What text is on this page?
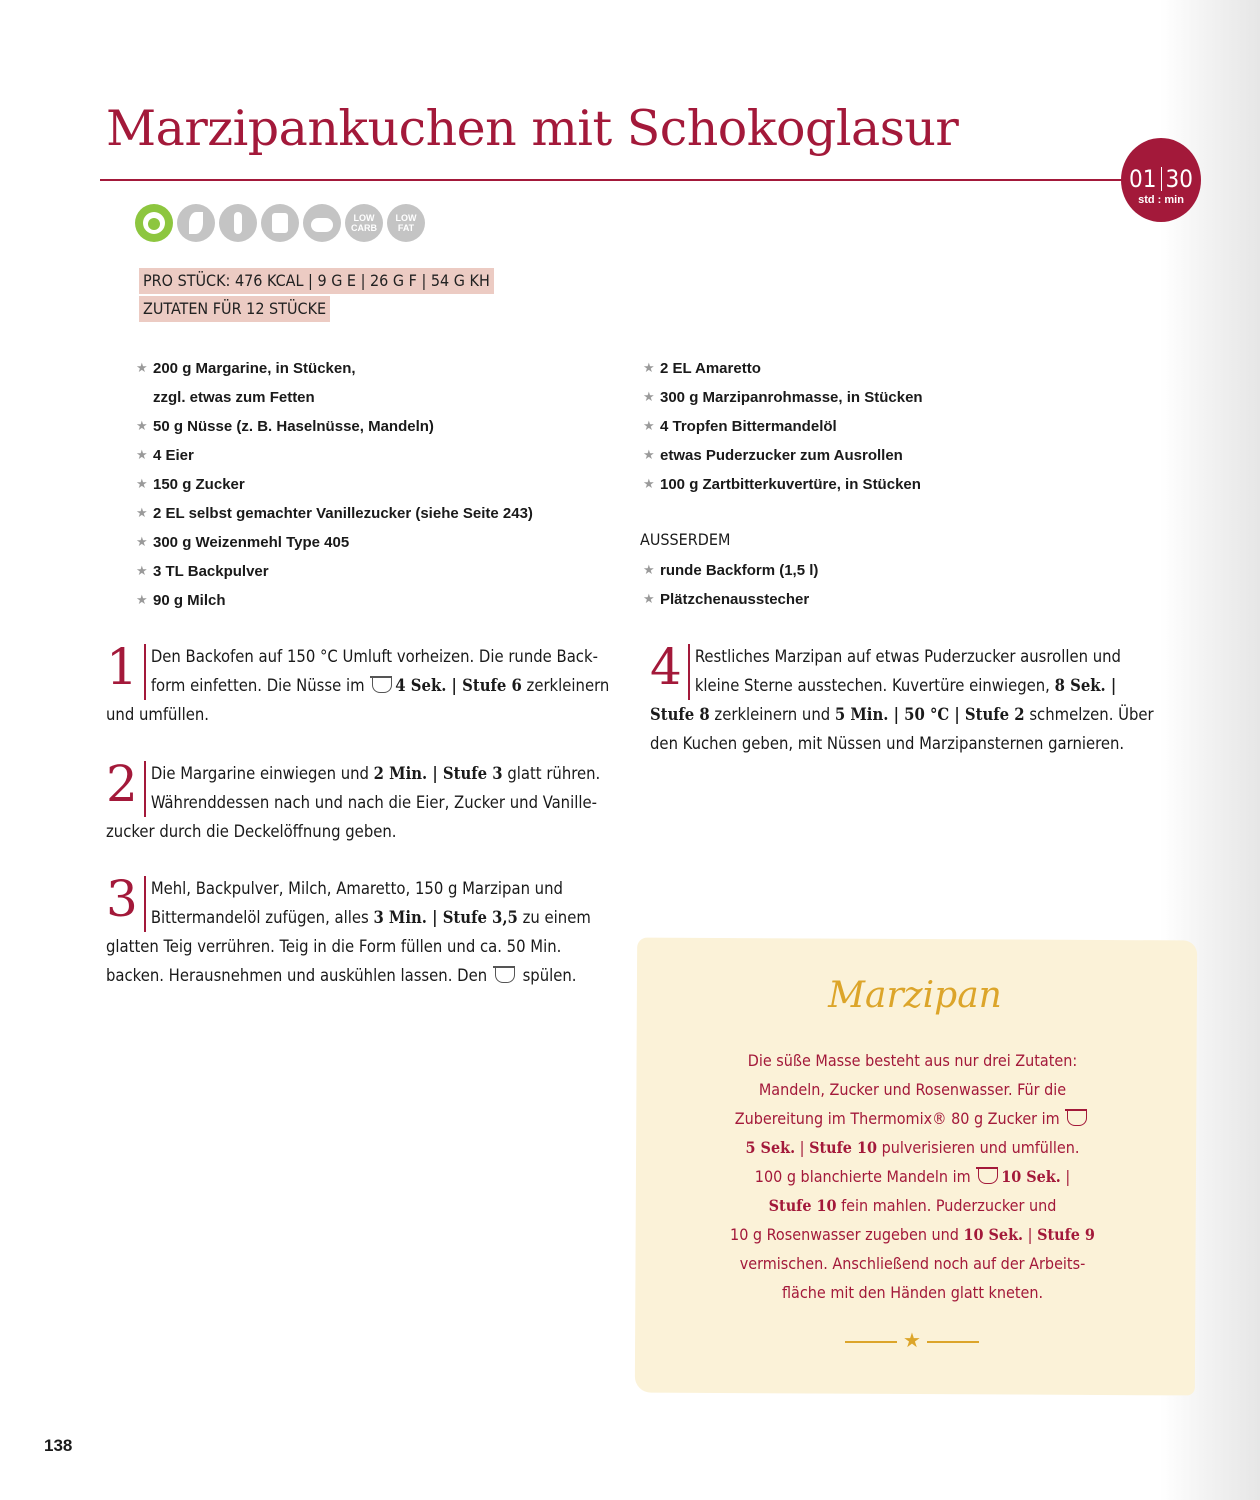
Marzipankuchen mit Schokoglasur
01 30
std : min
LOW CARB
LOW FAT
PRO STÜCK: 476 KCAL | 9 G E | 26 G F | 54 G KH
ZUTATEN FÜR 12 STÜCKE
★ 200 g Margarine, in Stücken,
zzgl. etwas zum Fetten
★ 50 g Nüsse (z. B. Haselnüsse, Mandeln)
★ 4 Eier
★ 150 g Zucker
★ 2 EL selbst gemachter Vanillezucker (siehe Seite 243)
★ 300 g Weizenmehl Type 405
★ 3 TL Backpulver
★ 90 g Milch
★ 2 EL Amaretto
★ 300 g Marzipanrohmasse, in Stücken
★ 4 Tropfen Bittermandelöl
★ etwas Puderzucker zum Ausrollen
★ 100 g Zartbitterkuvertüre, in Stücken
AUSSERDEM
★ runde Backform (1,5 l)
★ Plätzchenausstecher
1 Den Backofen auf 150 °C Umluft vorheizen. Die runde Back-
form einfetten. Die Nüsse im 4 Sek. | Stufe 6 zerkleinern
und umfüllen.
2 Die Margarine einwiegen und 2 Min. | Stufe 3 glatt rühren.
Währenddessen nach und nach die Eier, Zucker und Vanille-
zucker durch die Deckelöffnung geben.
3 Mehl, Backpulver, Milch, Amaretto, 150 g Marzipan und
Bittermandelöl zufügen, alles 3 Min. | Stufe 3,5 zu einem
glatten Teig verrühren. Teig in die Form füllen und ca. 50 Min.
backen. Herausnehmen und auskühlen lassen. Den spülen.
4 Restliches Marzipan auf etwas Puderzucker ausrollen und
kleine Sterne ausstechen. Kuvertüre einwiegen, 8 Sek. |
Stufe 8 zerkleinern und 5 Min. | 50 °C | Stufe 2 schmelzen. Über
den Kuchen geben, mit Nüssen und Marzipansternen garnieren.
Marzipan
Die süße Masse besteht aus nur drei Zutaten:
Mandeln, Zucker und Rosenwasser. Für die
Zubereitung im Thermomix® 80 g Zucker im
5 Sek. | Stufe 10 pulverisieren und umfüllen.
100 g blanchierte Mandeln im 10 Sek. |
Stufe 10 fein mahlen. Puderzucker und
10 g Rosenwasser zugeben und 10 Sek. | Stufe 9
vermischen. Anschließend noch auf der Arbeits-
fläche mit den Händen glatt kneten.
★
138
